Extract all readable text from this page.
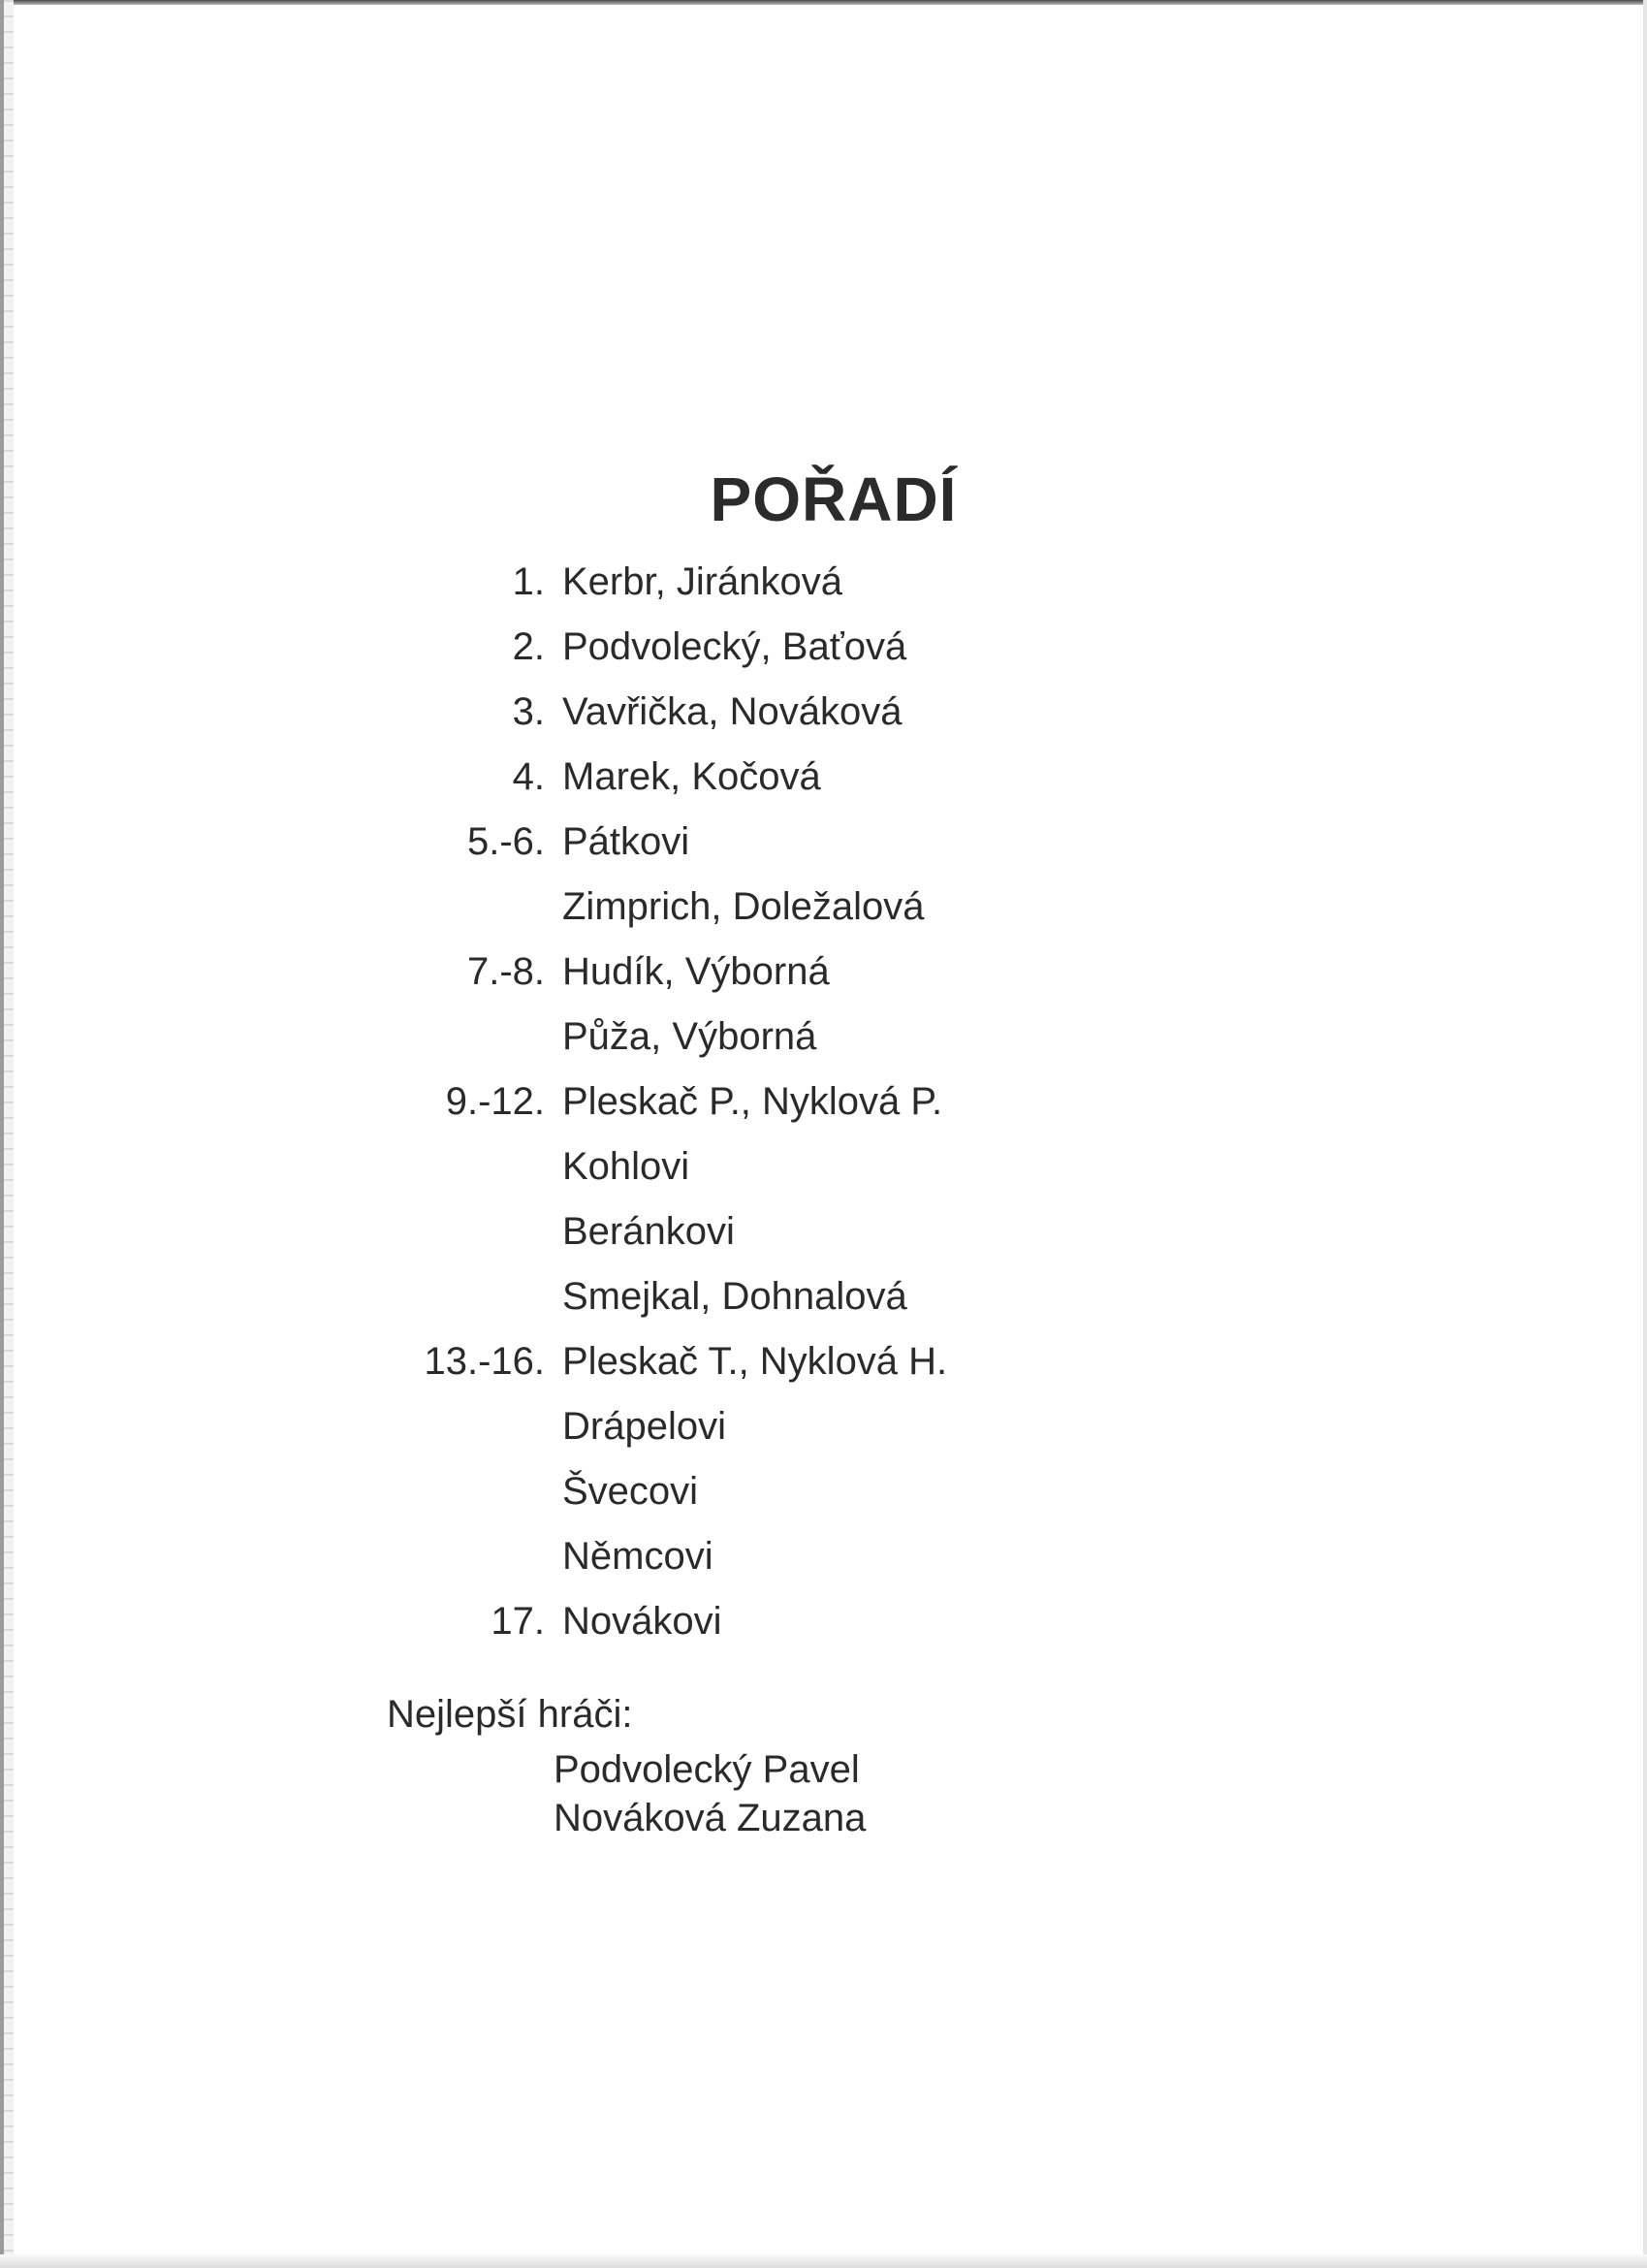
POŘADÍ
1. Kerbr, Jiránková
2. Podvolecký, Baťová
3. Vavřička, Nováková
4. Marek, Kočová
5.-6. Pátkovi
Zimprich, Doležalová
7.-8. Hudík, Výborná
Půža, Výborná
9.-12. Pleskač P., Nyklová P.
Kohlovi
Beránkovi
Smejkal, Dohnalová
13.-16. Pleskač T., Nyklová H.
Drápelovi
Švecovi
Němcovi
17. Novákovi
Nejlepší hráči:
Podvolecký Pavel
Nováková Zuzana
